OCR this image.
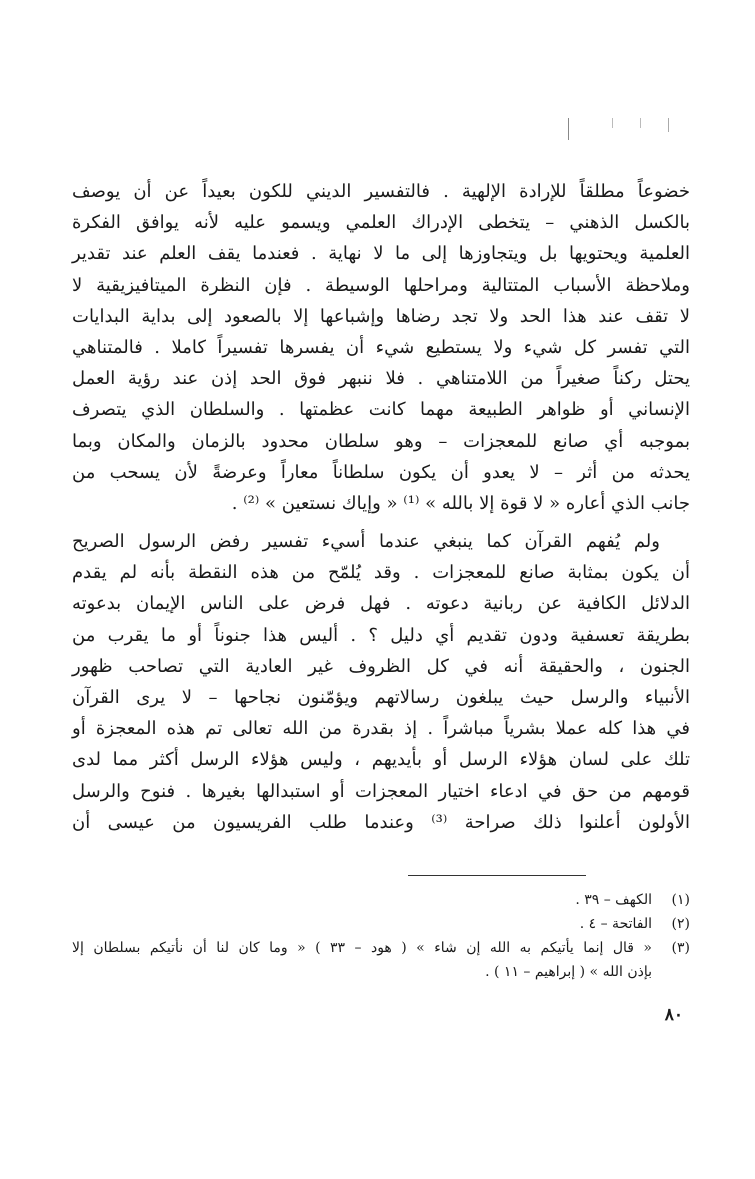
خضوعاً مطلقاً للإرادة الإلهية . فالتفسير الديني للكون بعيداً عن أن يوصف
بالكسل الذهني – يتخطى الإدراك العلمي ويسمو عليه لأنه يوافق الفكرة
العلمية ويحتويها بل ويتجاوزها إلى ما لا نهاية . فعندما يقف العلم عند تقدير
وملاحظة الأسباب المتتالية ومراحلها الوسيطة . فإن النظرة الميتافيزيقية لا
لا تقف عند هذا الحد ولا تجد رضاها وإشباعها إلا بالصعود إلى بداية البدايات
التي تفسر كل شيء ولا يستطيع شيء أن يفسرها تفسيراً كاملا . فالمتناهي
يحتل ركناً صغيراً من اللامتناهي . فلا ننبهر فوق الحد إذن عند رؤية العمل
الإنساني أو ظواهر الطبيعة مهما كانت عظمتها . والسلطان الذي يتصرف
بموجبه أي صانع للمعجزات – وهو سلطان محدود بالزمان والمكان وبما
يحدثه من أثر – لا يعدو أن يكون سلطاناً معاراً وعرضةً لأن يسحب من
جانب الذي أعاره « لا قوة إلا بالله » ⁽¹⁾ « وإياك نستعين » ⁽²⁾ .
ولم يُفهم القرآن كما ينبغي عندما أسيء تفسير رفض الرسول الصريح
أن يكون بمثابة صانع للمعجزات . وقد يُلمّح من هذه النقطة بأنه لم يقدم
الدلائل الكافية عن ربانية دعوته . فهل فرض على الناس الإيمان بدعوته
بطريقة تعسفية ودون تقديم أي دليل ؟ . أليس هذا جنوناً أو ما يقرب من
الجنون ، والحقيقة أنه في كل الظروف غير العادية التي تصاحب ظهور
الأنبياء والرسل حيث يبلغون رسالاتهم ويؤمّنون نجاحها – لا يرى القرآن
في هذا كله عملا بشرياً مباشراً . إذ بقدرة من الله تعالى تم هذه المعجزة أو
تلك على لسان هؤلاء الرسل أو بأيديهم ، وليس هؤلاء الرسل أكثر مما لدى
قومهم من حق في ادعاء اختيار المعجزات أو استبدالها بغيرها . فنوح والرسل
الأولون أعلنوا ذلك صراحة ⁽³⁾ وعندما طلب الفريسيون من عيسى أن
(١)
الكهف – ٣٩ .
(٢)
الفاتحة – ٤ .
(٣)
« قال إنما يأتيكم به الله إن شاء » ( هود – ٣٣ ) « وما كان لنا أن نأتيكم بسلطان إلا
بإذن الله » ( إبراهيم – ١١ ) .
٨٠
